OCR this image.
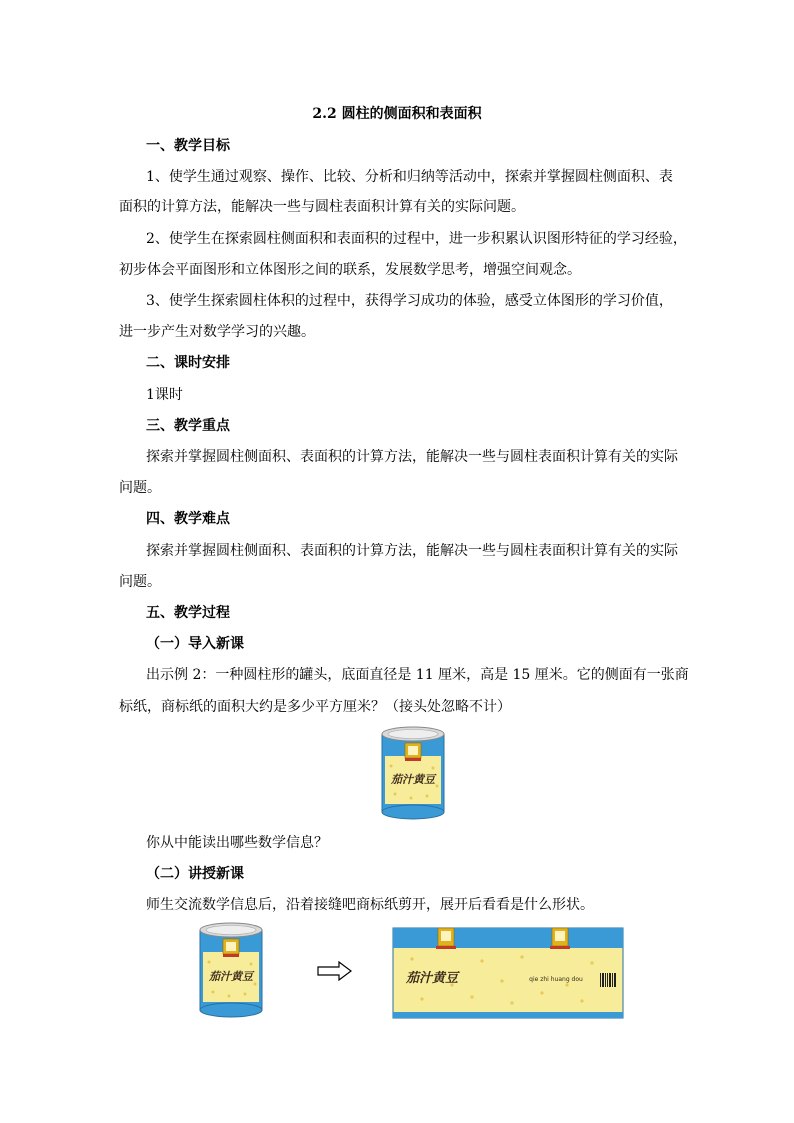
2.2 圆柱的侧面积和表面积
一、教学目标
1、使学生通过观察、操作、比较、分析和归纳等活动中，探索并掌握圆柱侧面积、表
面积的计算方法，能解决一些与圆柱表面积计算有关的实际问题。
2、使学生在探索圆柱侧面积和表面积的过程中，进一步积累认识图形特征的学习经验，
初步体会平面图形和立体图形之间的联系，发展数学思考，增强空间观念。
3、使学生探索圆柱体积的过程中，获得学习成功的体验，感受立体图形的学习价值，
进一步产生对数学学习的兴趣。
二、课时安排
1课时
三、教学重点
探索并掌握圆柱侧面积、表面积的计算方法，能解决一些与圆柱表面积计算有关的实际
问题。
四、教学难点
探索并掌握圆柱侧面积、表面积的计算方法，能解决一些与圆柱表面积计算有关的实际
问题。
五、教学过程
（一）导入新课
出示例 2：一种圆柱形的罐头，底面直径是 11 厘米，高是 15 厘米。它的侧面有一张商
标纸，商标纸的面积大约是多少平方厘米？（接头处忽略不计）
茄汁黄豆
你从中能读出哪些数学信息？
（二）讲授新课
师生交流数学信息后，沿着接缝吧商标纸剪开，展开后看看是什么形状。
茄汁黄豆	茄汁黄豆	qie zhi huang dou
